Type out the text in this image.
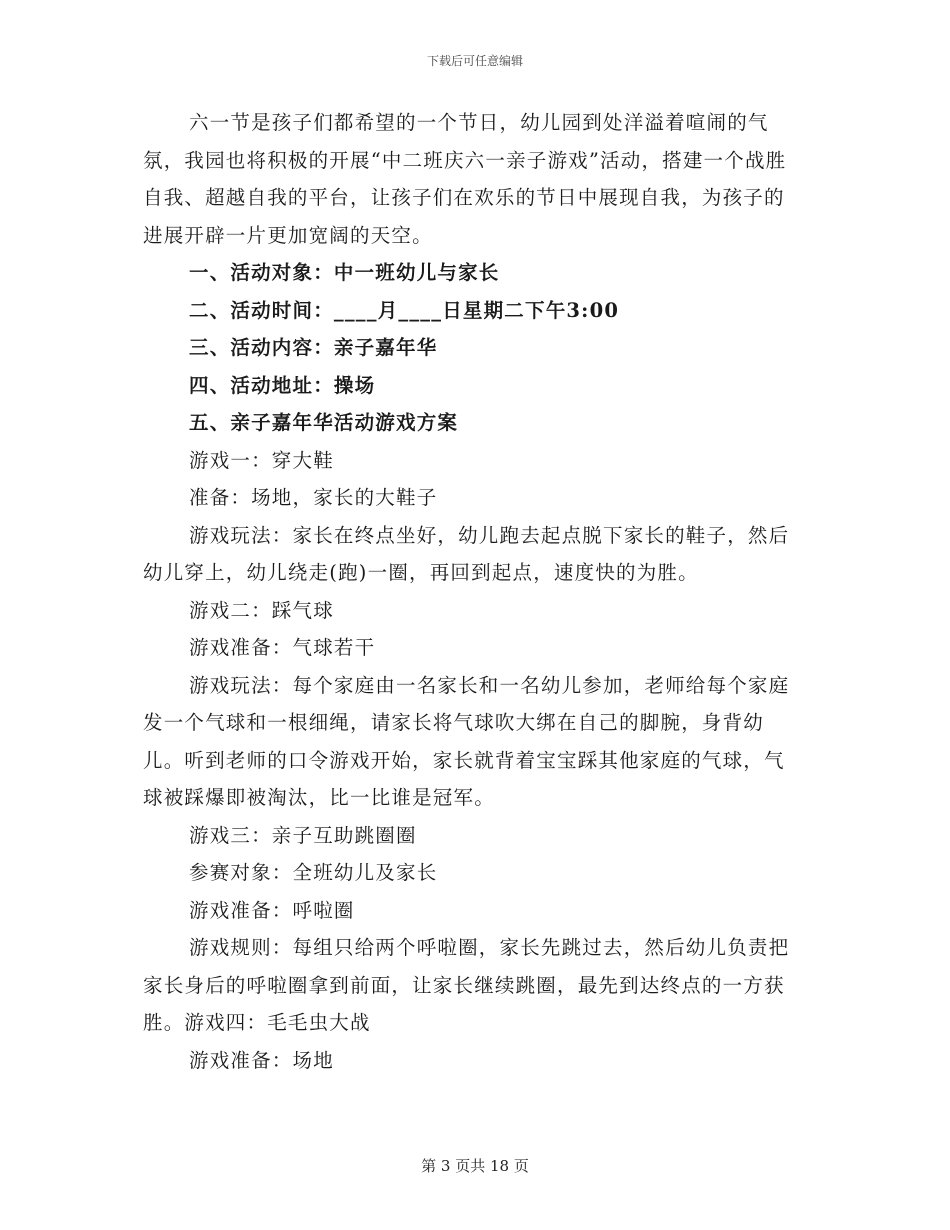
下载后可任意编辑

六一节是孩子们都希望的一个节日，幼儿园到处洋溢着喧闹的气氛，我园也将积极的开展“中二班庆六一亲子游戏”活动，搭建一个战胜自我、超越自我的平台，让孩子们在欢乐的节日中展现自我，为孩子的进展开辟一片更加宽阔的天空。

一、活动对象：中一班幼儿与家长

二、活动时间：____月____日星期二下午3:00

三、活动内容：亲子嘉年华

四、活动地址：操场

五、亲子嘉年华活动游戏方案

游戏一：穿大鞋

准备：场地，家长的大鞋子

游戏玩法：家长在终点坐好，幼儿跑去起点脱下家长的鞋子，然后幼儿穿上，幼儿绕走(跑)一圈，再回到起点，速度快的为胜。

游戏二：踩气球

游戏准备：气球若干

游戏玩法：每个家庭由一名家长和一名幼儿参加，老师给每个家庭发一个气球和一根细绳，请家长将气球吹大绑在自己的脚腕，身背幼儿。听到老师的口令游戏开始，家长就背着宝宝踩其他家庭的气球，气球被踩爆即被淘汰，比一比谁是冠军。

游戏三：亲子互助跳圈圈

参赛对象：全班幼儿及家长

游戏准备：呼啦圈

游戏规则：每组只给两个呼啦圈，家长先跳过去，然后幼儿负责把家长身后的呼啦圈拿到前面，让家长继续跳圈，最先到达终点的一方获胜。游戏四：毛毛虫大战

游戏准备：场地

第 3 页共 18 页
